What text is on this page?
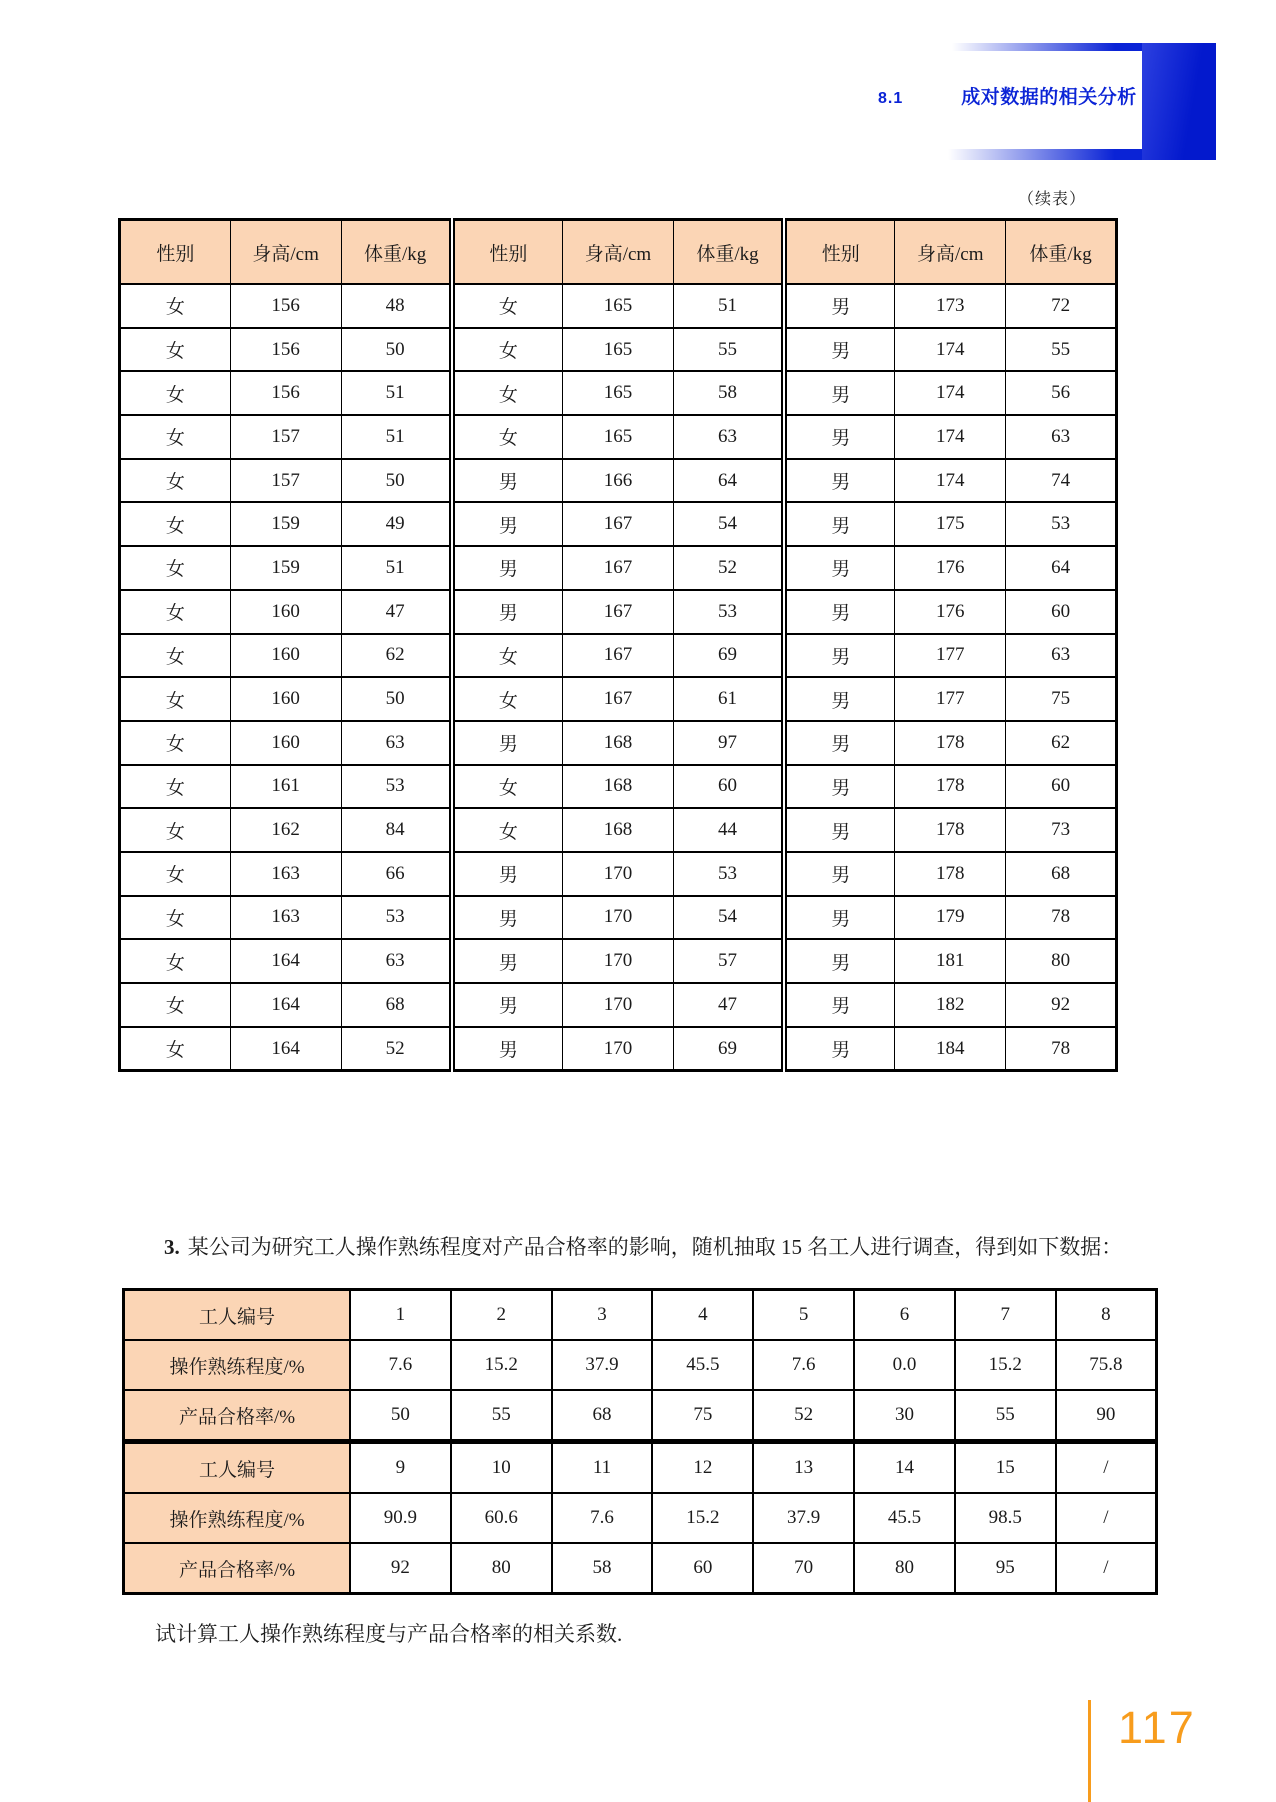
8.1	成对数据的相关分析
（续表）
性别	身高/cm	体重/kg	性别	身高/cm	体重/kg	性别	身高/cm	体重/kg
女	156	48	女	165	51	男	173	72
女	156	50	女	165	55	男	174	55
女	156	51	女	165	58	男	174	56
女	157	51	女	165	63	男	174	63
女	157	50	男	166	64	男	174	74
女	159	49	男	167	54	男	175	53
女	159	51	男	167	52	男	176	64
女	160	47	男	167	53	男	176	60
女	160	62	女	167	69	男	177	63
女	160	50	女	167	61	男	177	75
女	160	63	男	168	97	男	178	62
女	161	53	女	168	60	男	178	60
女	162	84	女	168	44	男	178	73
女	163	66	男	170	53	男	178	68
女	163	53	男	170	54	男	179	78
女	164	63	男	170	57	男	181	80
女	164	68	男	170	47	男	182	92
女	164	52	男	170	69	男	184	78

3. 某公司为研究工人操作熟练程度对产品合格率的影响，随机抽取 15 名工人进行调查，得到如下数据：

工人编号	1	2	3	4	5	6	7	8
操作熟练程度/%	7.6	15.2	37.9	45.5	7.6	0.0	15.2	75.8
产品合格率/%	50	55	68	75	52	30	55	90
工人编号	9	10	11	12	13	14	15	/
操作熟练程度/%	90.9	60.6	7.6	15.2	37.9	45.5	98.5	/
产品合格率/%	92	80	58	60	70	80	95	/

试计算工人操作熟练程度与产品合格率的相关系数.

117
